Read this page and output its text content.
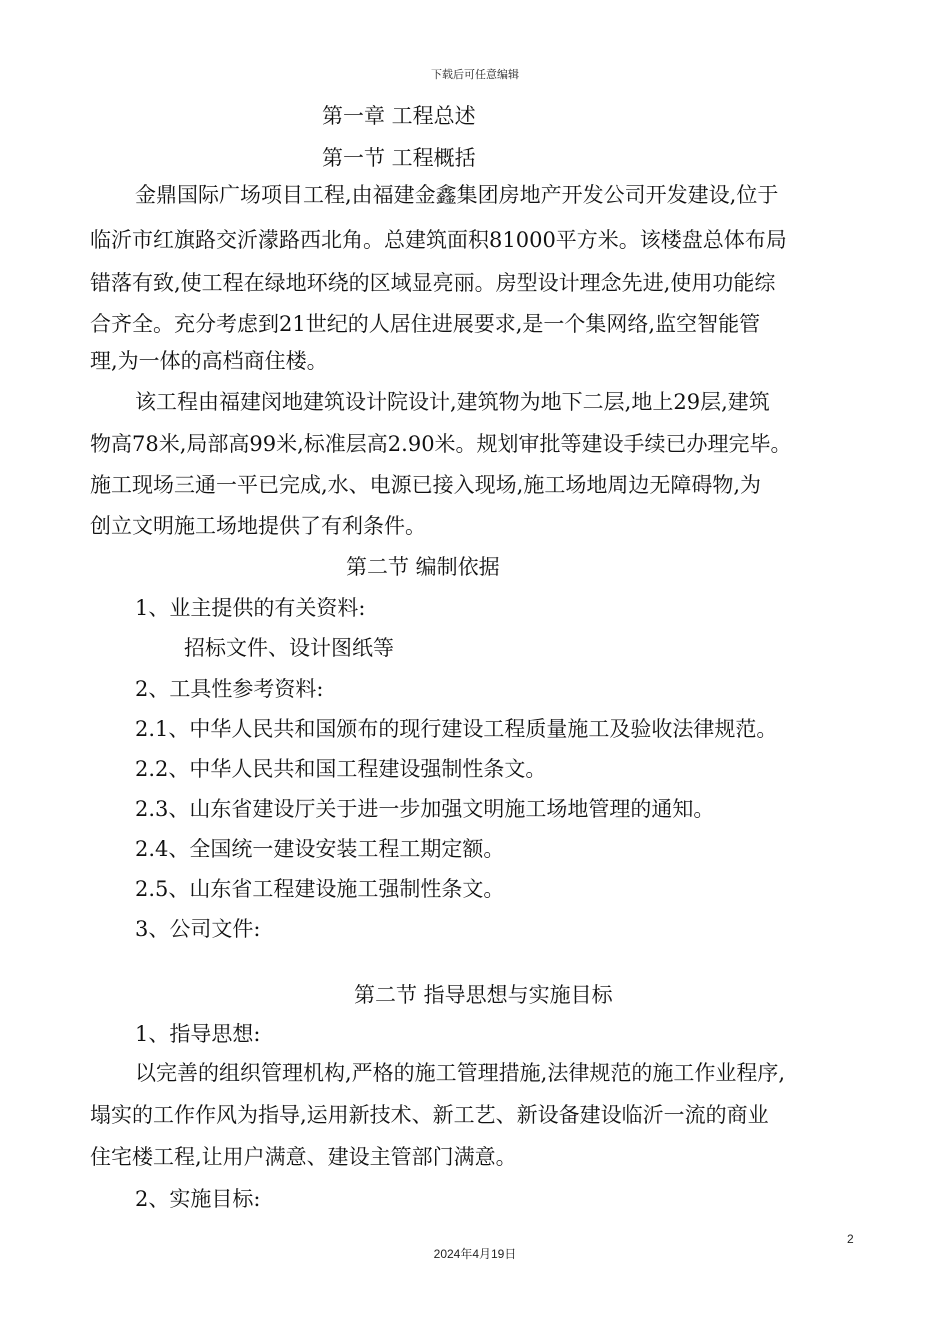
下载后可任意编辑
第一章 工程总述
第一节 工程概括
金鼎国际广场项目工程,由福建金鑫集团房地产开发公司开发建设,位于
临沂市红旗路交沂濛路西北角。总建筑面积81000平方米。该楼盘总体布局
错落有致,使工程在绿地环绕的区域显亮丽。房型设计理念先进,使用功能综
合齐全。充分考虑到21世纪的人居住进展要求,是一个集网络,监空智能管
理,为一体的高档商住楼。
该工程由福建闵地建筑设计院设计,建筑物为地下二层,地上29层,建筑
物高78米,局部高99米,标准层高2.90米。规划审批等建设手续已办理完毕。
施工现场三通一平已完成,水、电源已接入现场,施工场地周边无障碍物,为
创立文明施工场地提供了有利条件。
第二节 编制依据
1、业主提供的有关资料:
招标文件、设计图纸等
2、工具性参考资料:
2.1、中华人民共和国颁布的现行建设工程质量施工及验收法律规范。
2.2、中华人民共和国工程建设强制性条文。
2.3、山东省建设厅关于进一步加强文明施工场地管理的通知。
2.4、全国统一建设安装工程工期定额。
2.5、山东省工程建设施工强制性条文。
3、公司文件:
第二节 指导思想与实施目标
1、指导思想:
以完善的组织管理机构,严格的施工管理措施,法律规范的施工作业程序,
塌实的工作作风为指导,运用新技术、新工艺、新设备建设临沂一流的商业
住宅楼工程,让用户满意、建设主管部门满意。
2、实施目标:
2
2024年4月19日
